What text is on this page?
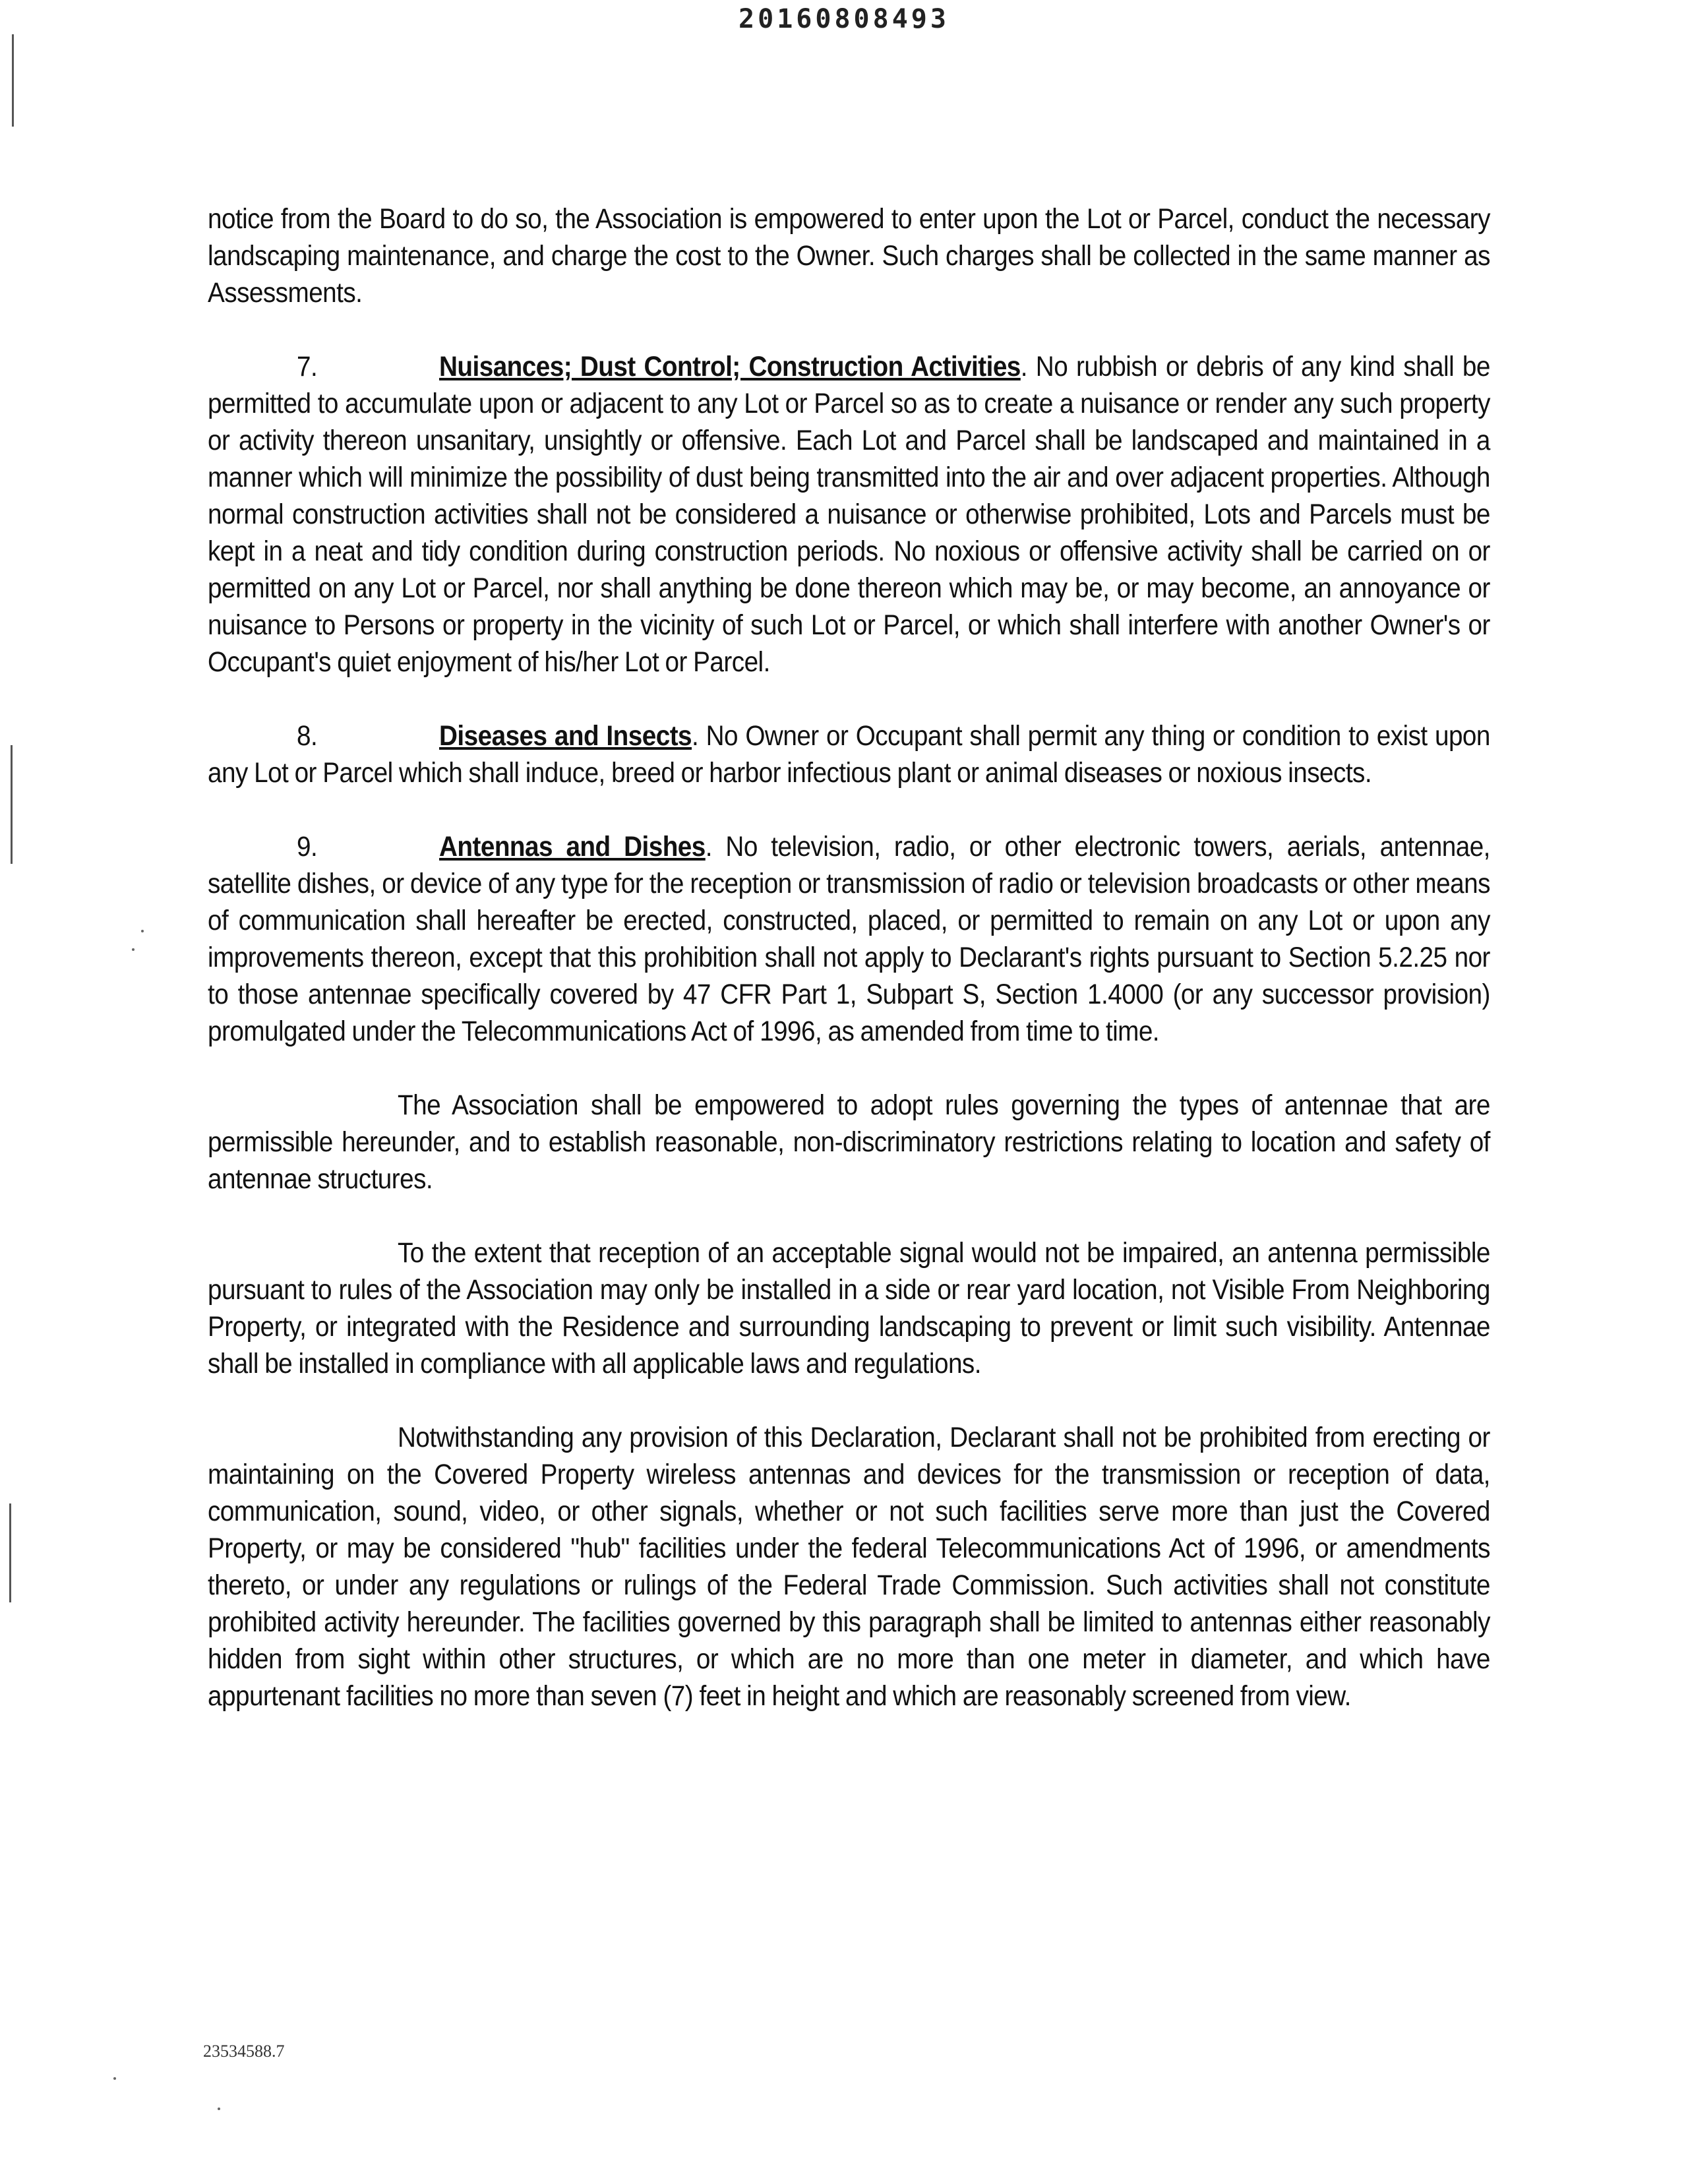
20160808493

notice from the Board to do so, the Association is empowered to enter upon the Lot or Parcel, conduct the necessary landscaping maintenance, and charge the cost to the Owner. Such charges shall be collected in the same manner as Assessments.

7.	Nuisances; Dust Control; Construction Activities. No rubbish or debris of any kind shall be permitted to accumulate upon or adjacent to any Lot or Parcel so as to create a nuisance or render any such property or activity thereon unsanitary, unsightly or offensive. Each Lot and Parcel shall be landscaped and maintained in a manner which will minimize the possibility of dust being transmitted into the air and over adjacent properties. Although normal construction activities shall not be considered a nuisance or otherwise prohibited, Lots and Parcels must be kept in a neat and tidy condition during construction periods. No noxious or offensive activity shall be carried on or permitted on any Lot or Parcel, nor shall anything be done thereon which may be, or may become, an annoyance or nuisance to Persons or property in the vicinity of such Lot or Parcel, or which shall interfere with another Owner's or Occupant's quiet enjoyment of his/her Lot or Parcel.

8.	Diseases and Insects. No Owner or Occupant shall permit any thing or condition to exist upon any Lot or Parcel which shall induce, breed or harbor infectious plant or animal diseases or noxious insects.

9.	Antennas and Dishes. No television, radio, or other electronic towers, aerials, antennae, satellite dishes, or device of any type for the reception or transmission of radio or television broadcasts or other means of communication shall hereafter be erected, constructed, placed, or permitted to remain on any Lot or upon any improvements thereon, except that this prohibition shall not apply to Declarant's rights pursuant to Section 5.2.25 nor to those antennae specifically covered by 47 CFR Part 1, Subpart S, Section 1.4000 (or any successor provision) promulgated under the Telecommunications Act of 1996, as amended from time to time.

The Association shall be empowered to adopt rules governing the types of antennae that are permissible hereunder, and to establish reasonable, non-discriminatory restrictions relating to location and safety of antennae structures.

To the extent that reception of an acceptable signal would not be impaired, an antenna permissible pursuant to rules of the Association may only be installed in a side or rear yard location, not Visible From Neighboring Property, or integrated with the Residence and surrounding landscaping to prevent or limit such visibility. Antennae shall be installed in compliance with all applicable laws and regulations.

Notwithstanding any provision of this Declaration, Declarant shall not be prohibited from erecting or maintaining on the Covered Property wireless antennas and devices for the transmission or reception of data, communication, sound, video, or other signals, whether or not such facilities serve more than just the Covered Property, or may be considered "hub" facilities under the federal Telecommunications Act of 1996, or amendments thereto, or under any regulations or rulings of the Federal Trade Commission. Such activities shall not constitute prohibited activity hereunder. The facilities governed by this paragraph shall be limited to antennas either reasonably hidden from sight within other structures, or which are no more than one meter in diameter, and which have appurtenant facilities no more than seven (7) feet in height and which are reasonably screened from view.

23534588.7
